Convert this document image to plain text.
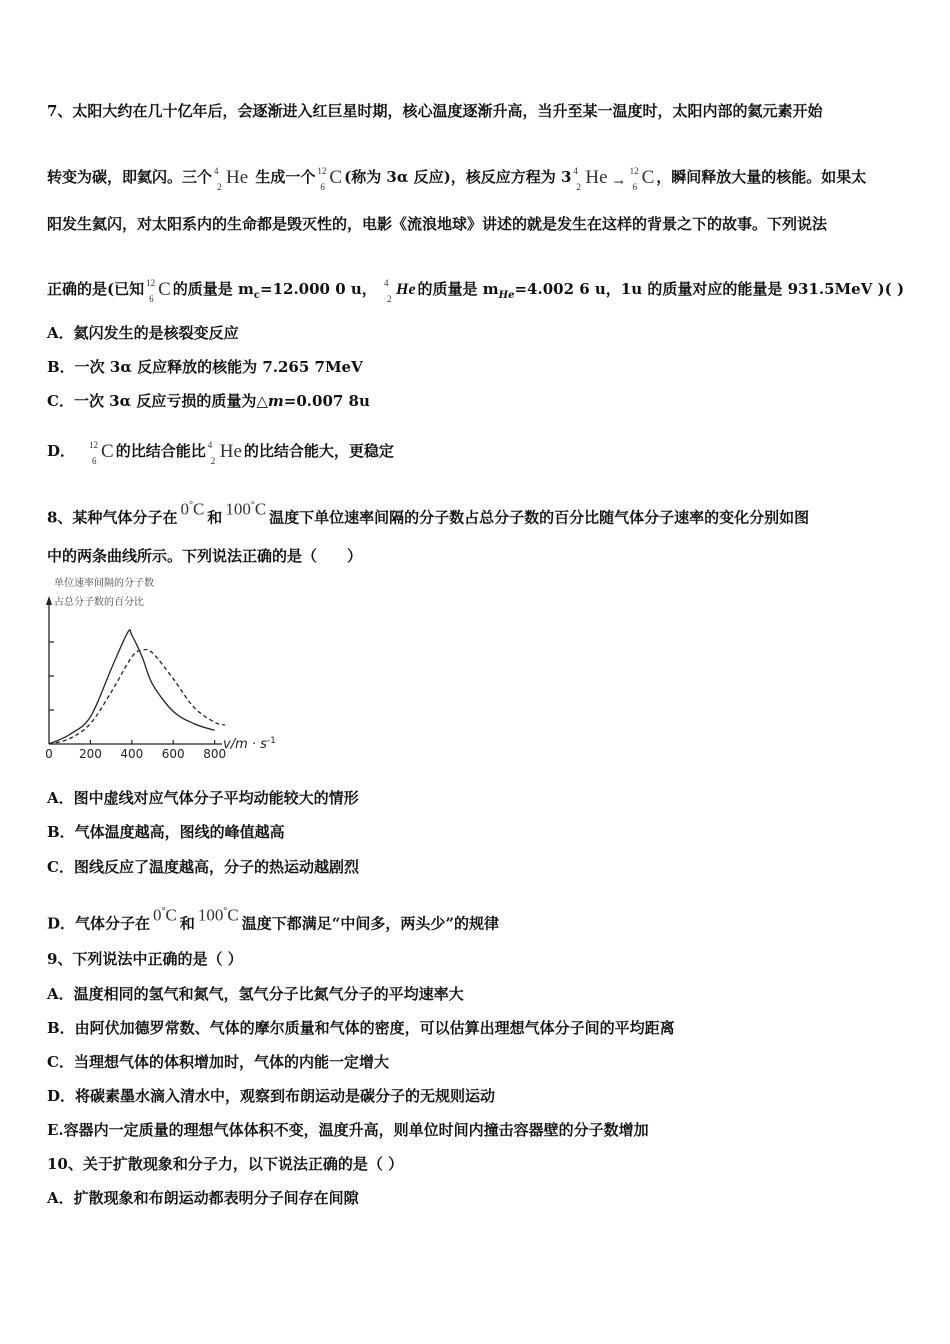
7、太阳大约在几十亿年后，会逐渐进入红巨星时期，核心温度逐渐升高，当升至某一温度时，太阳内部的氦元素开始
转变为碳，即氦闪。三个 4
2 He 生成一个 12
6 C (称为 3α 反应)，核反应方程为 3 4
2 He $_\to$
12
6 C ，瞬间释放大量的核能。如果太
阳发生氦闪，对太阳系内的生命都是毁灭性的，电影《流浪地球》讲述的就是发生在这样的背景之下的故事。下列说法
正确的是(已知 12
6 C 的质量是 $m_c=12.000$ 0 u， 4
2
He 的质量是 $m_{He}=4.002$ 6 u，1u 的质量对应的能量是 931.5MeV )( )
A．氦闪发生的是核裂变反应
B．一次 3α 反应释放的核能为 7.265 7MeV
C．一次 3α 反应亏损的质量为△m=0.007 8u
D． 12
6 C 的比结合能比 4
2 He 的比结合能大，更稳定
8、某种气体分子在 0°C 和 100°C 温度下单位速率间隔的分子数占总分子数的百分比随气体分子速率的变化分别如图
中的两条曲线所示。下列说法正确的是（　　）
单位速率间隔的分子数
占总分子数的百分比
0 200 400 600 800
$v/m \cdot s^{-1}$
A．图中虚线对应气体分子平均动能较大的情形
B．气体温度越高，图线的峰值越高
C．图线反应了温度越高，分子的热运动越剧烈
D．气体分子在 0°C 和 100°C 温度下都满足“中间多，两头少”的规律
9、下列说法中正确的是（ ）
A．温度相同的氢气和氮气，氢气分子比氮气分子的平均速率大
B．由阿伏加德罗常数、气体的摩尔质量和气体的密度，可以估算出理想气体分子间的平均距离
C．当理想气体的体积增加时，气体的内能一定增大
D．将碳素墨水滴入清水中，观察到布朗运动是碳分子的无规则运动
E.容器内一定质量的理想气体体积不变，温度升高，则单位时间内撞击容器壁的分子数增加
10、关于扩散现象和分子力，以下说法正确的是（ ）
A．扩散现象和布朗运动都表明分子间存在间隙
